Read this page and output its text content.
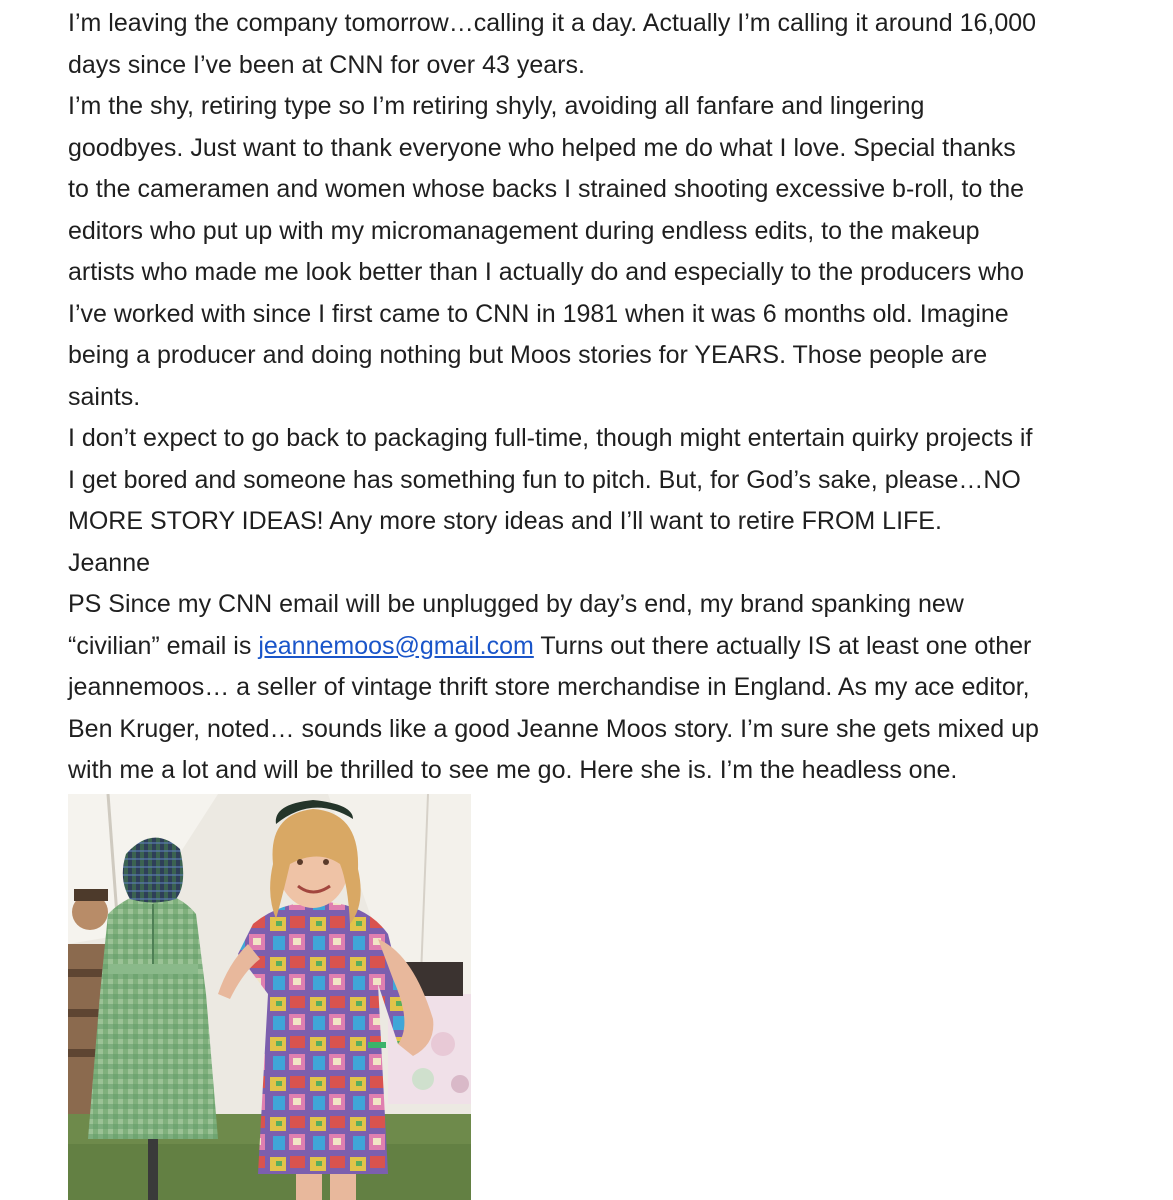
I’m leaving the company tomorrow…calling it a day. Actually I’m calling it around 16,000

days since I’ve been at CNN for over 43 years.

I’m the shy, retiring type so I’m retiring shyly, avoiding all fanfare and lingering

goodbyes. Just want to thank everyone who helped me do what I love. Special thanks

to the cameramen and women whose backs I strained shooting excessive b-roll, to the

editors who put up with my micromanagement during endless edits, to the makeup

artists who made me look better than I actually do and especially to the producers who

I’ve worked with since I first came to CNN in 1981 when it was 6 months old. Imagine

being a producer and doing nothing but Moos stories for YEARS. Those people are

saints.

I don’t expect to go back to packaging full-time, though might entertain quirky projects if

I get bored and someone has something fun to pitch. But, for God’s sake, please…NO

MORE STORY IDEAS! Any more story ideas and I’ll want to retire FROM LIFE.

Jeanne

PS Since my CNN email will be unplugged by day’s end, my brand spanking new

“civilian” email is jeannemoos@gmail.com Turns out there actually IS at least one other

jeannemoos… a seller of vintage thrift store merchandise in England. As my ace editor,

Ben Kruger, noted… sounds like a good Jeanne Moos story. I’m sure she gets mixed up

with me a lot and will be thrilled to see me go. Here she is. I’m the headless one.
